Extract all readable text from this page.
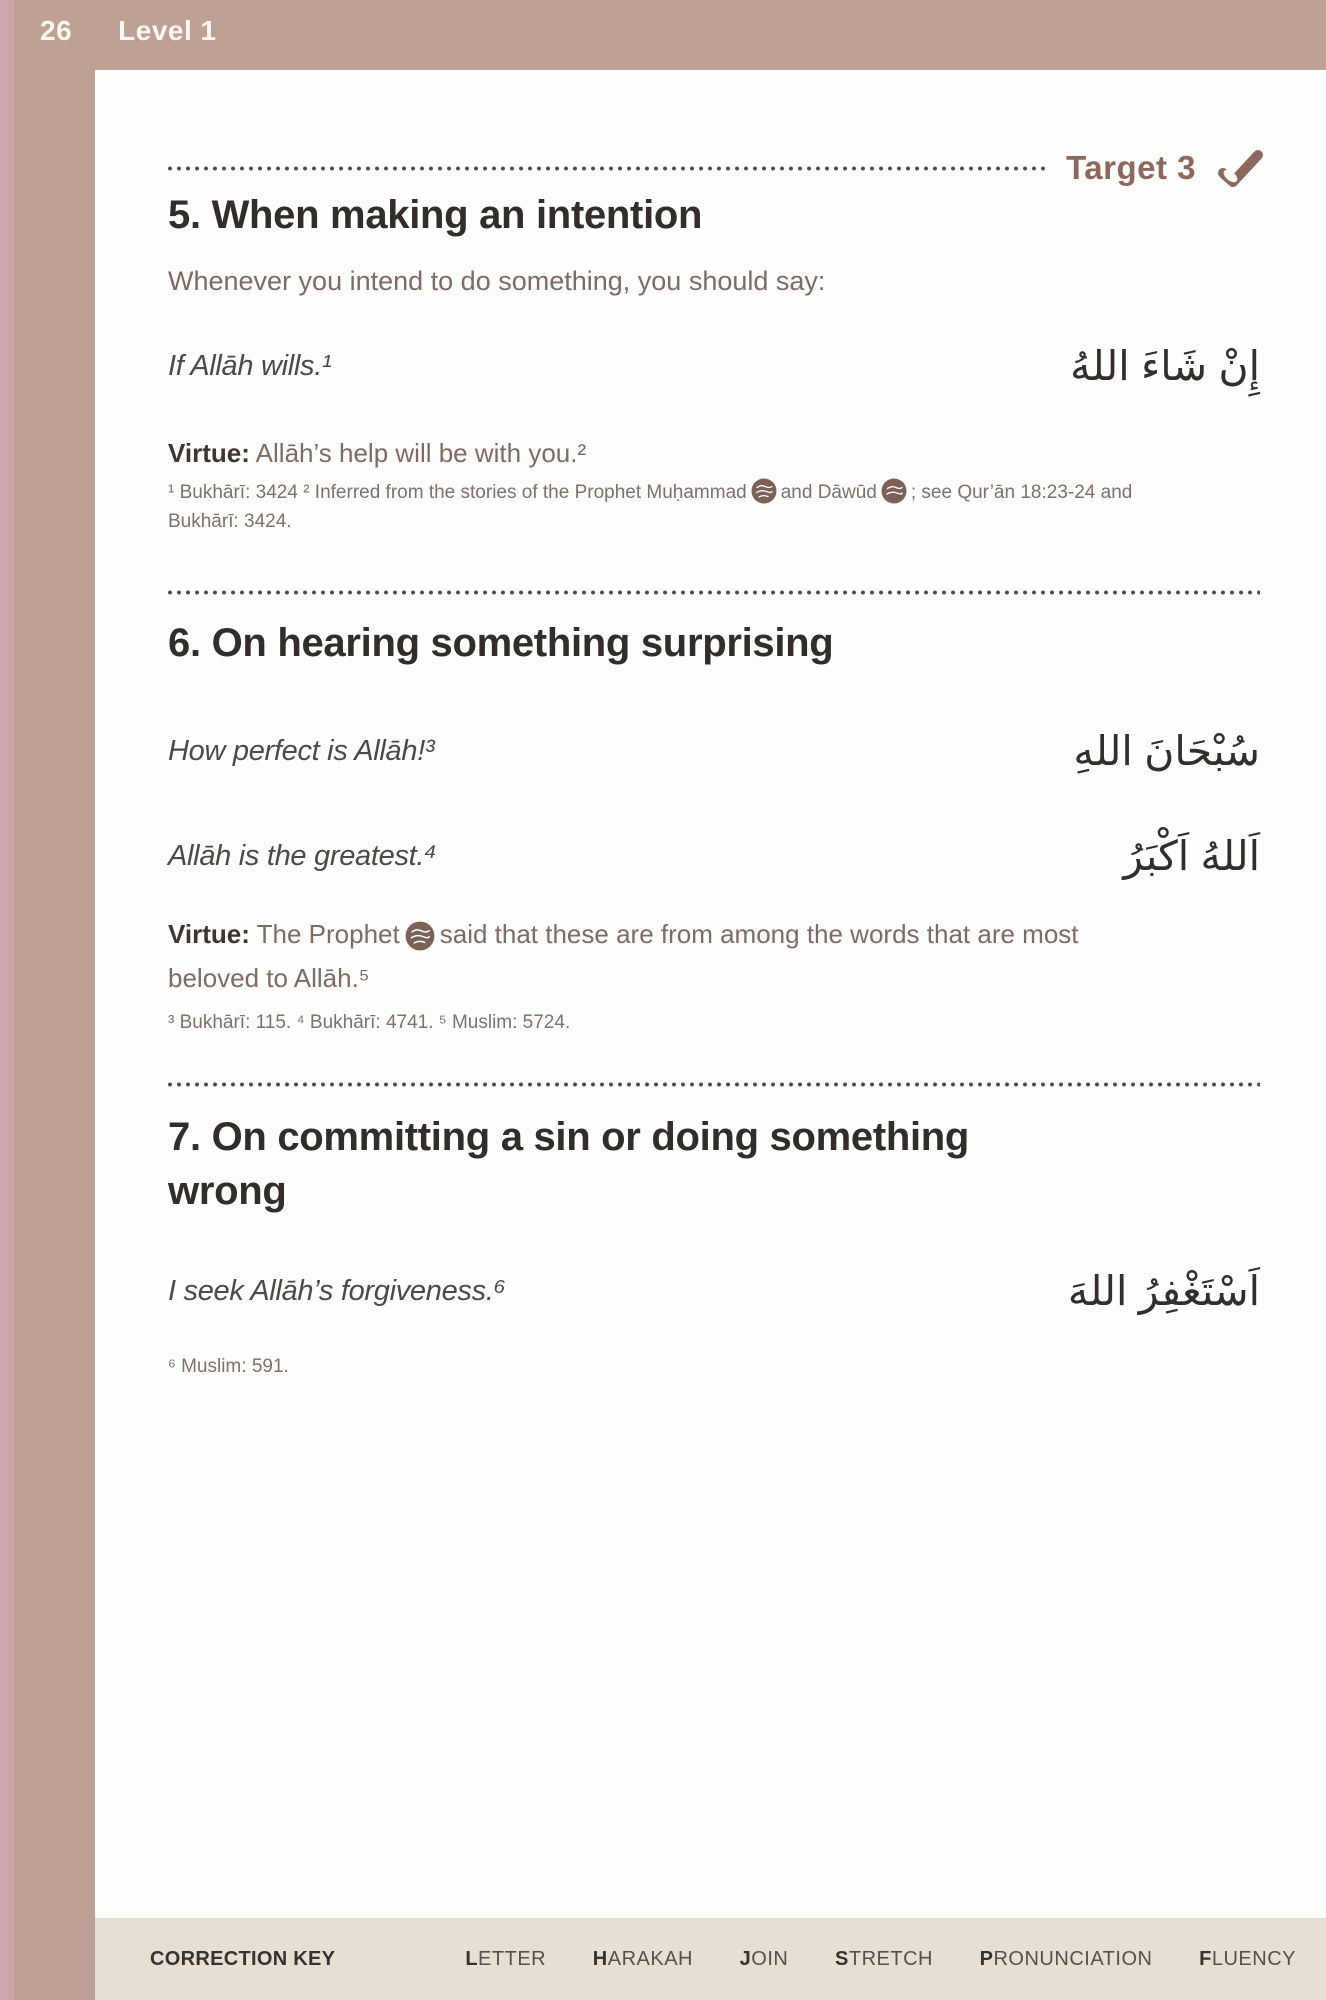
26 Level 1
Target 3
5. When making an intention
Whenever you intend to do something, you should say:
If Allāh wills.¹	إِنْ شَاءَ اللهُ
Virtue: Allāh’s help will be with you.²
¹ Bukhārī: 3424 ² Inferred from the stories of the Prophet Muḥammad and Dāwūd ; see Qur’ān 18:23-24 and
Bukhārī: 3424.
6. On hearing something surprising
How perfect is Allāh!³	سُبْحَانَ اللهِ
Allāh is the greatest.⁴	اَللهُ اَكْبَرُ
Virtue: The Prophet said that these are from among the words that are most
beloved to Allāh.⁵
³ Bukhārī: 115. ⁴ Bukhārī: 4741. ⁵ Muslim: 5724.
7. On committing a sin or doing something
wrong
I seek Allāh’s forgiveness.⁶	اَسْتَغْفِرُ اللهَ
⁶ Muslim: 591.
CORRECTION KEY	LETTER HARAKAH JOIN STRETCH PRONUNCIATION FLUENCY
